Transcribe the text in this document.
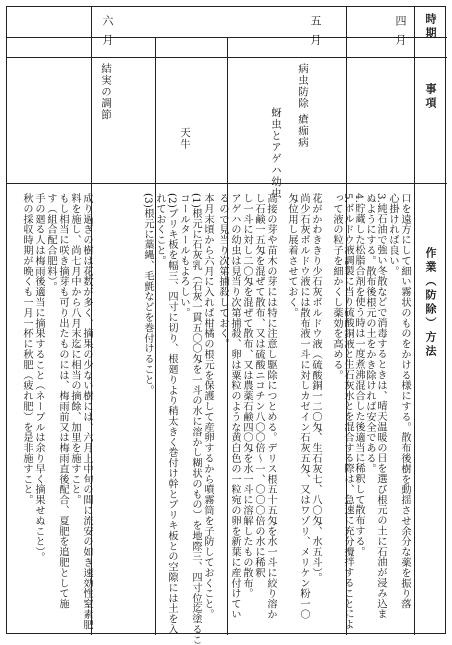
時期
事項
作業（防除）方法
四月
口を遠方にして細い霧状のものをかける様にする。散布後樹を動揺させ余分な薬を振り落
心掛ければ良い。
3.純石油で強い冬散などで消毒するときは、晴天温暖の日を選び根元の土に石油が浸み込ま
ぬようにする。散布後根元の土をかき除ければ安全である。
4.貯蔵した松脂合剤を使う時は一度煮沸混合した後適当に稀釈して散布する。
5.ボルドウ液調製に当り硫酸銅液と生石灰水とを混合する際は、急速に充分攪拌することによ
って液の粒子を細かくし薬効を高める。
五月
病虫防除 瘡痂病
花がかわききり少石灰ボルドウ液（硫酸銅一二〇匁、生石灰七、八〇匁、水五斗）。
尚少石灰ボルドウ液には散布液一斗に対しカゼイン石灰五匁、又はワゾリ、メリケン粉一〇
匁位用し展着させておく。
蚜虫とアゲハ幼虫
高接の芽や苗木の芽には特に注意し駆除につとめる。デリス根五十五匁を水一斗に絞り溶か
し石鹸一五匁を混ぜて散布、又は硫酸ニコチン八〇〇倍〜一、〇〇〇倍の水に稀釈
し一斗に対し二〇匁を混ぜて散布、又は農薬石鹸四〇匁を水一斗に溶解したもの散布。
アゲハの幼虫は見当り次第捕殺、卵は粟粒のような黄白色の一粒宛の卵を新葉に産付けてい
るので見当り次第捕殺しておく。
天牛
本月末頃から六月に入れば柑橘の根元を保護して産卵するから噴霧筒を子防しておくこと。
(1)根元に石灰乳（石灰一貫五〇〇匁を一斗の水に溶かし糊状のもの）を地際三、四寸位迄塗るこ
コールタールもよろしい。
(2)ブリキ板を幅三、四寸に切り、根廻りより稍太きく巻付け幹とブリキ板との空隙には土を入
れておくこと。
(3)根元に藁縄、毛氈などを巻付けること。
六月
結実の調節
成り過ぎの樹は花数が多く、摘果の少ない樹には、六月上中旬の間に流安の如き速効性窒素肥
料を施し、尚七月中から八月末迄に相当の摘餘、加里を施すこと。
もし相当に咲き摘芽も可り出たものには、梅雨前又は梅雨直後配合、夏肥を追肥として施
す（組合配合肥料）。
手の廻る人は梅雨後適当に摘果すること（ネーブルは余り早く摘果せぬこと）。
秋の採収時期が晩くも一月一杯に秋肥（疲れ肥）を是非施すこと。
